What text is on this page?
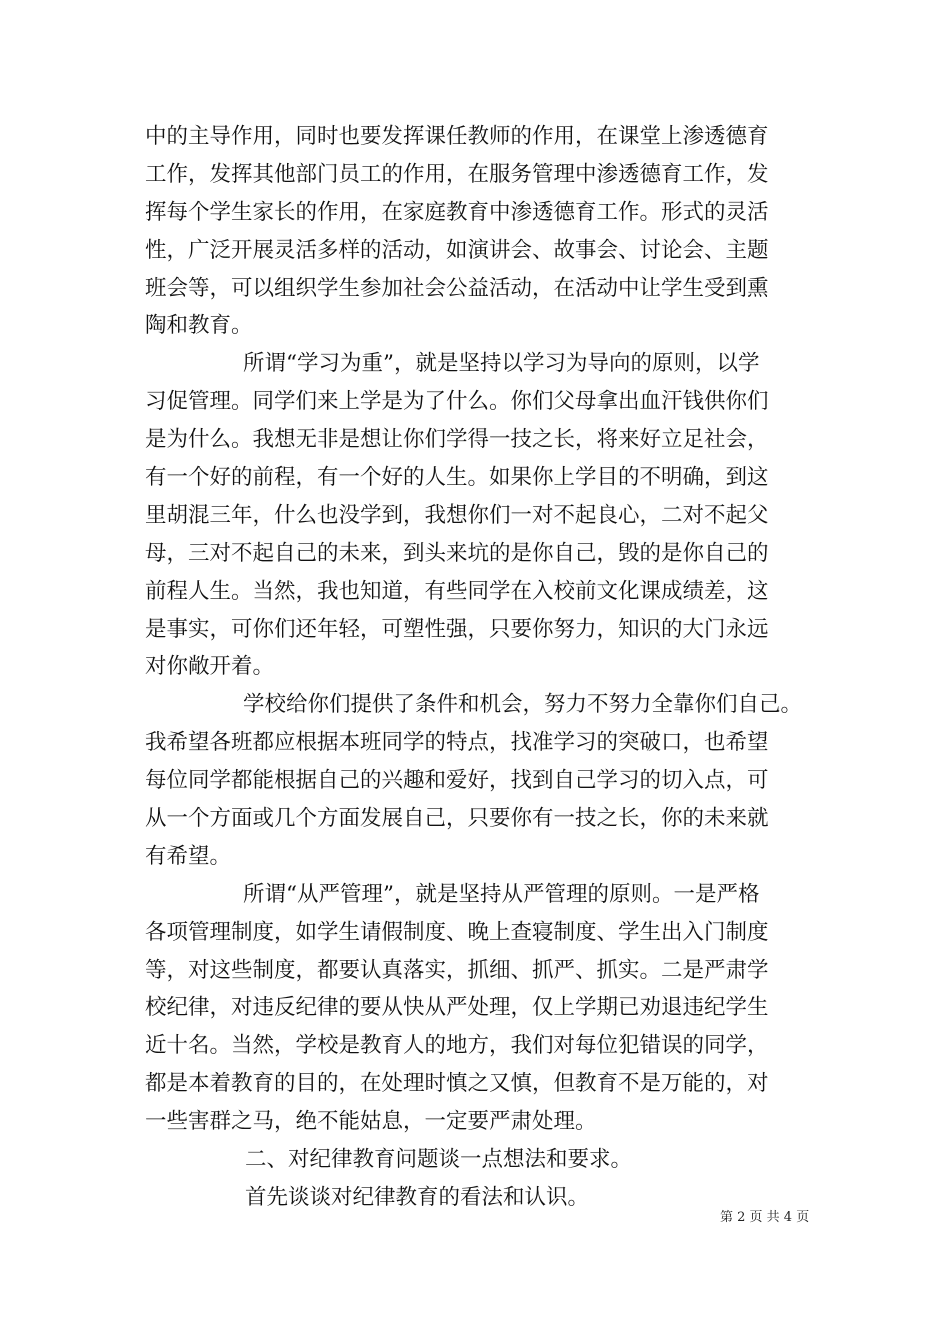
中的主导作用，同时也要发挥课任教师的作用，在课堂上渗透德育
工作，发挥其他部门员工的作用，在服务管理中渗透德育工作，发
挥每个学生家长的作用，在家庭教育中渗透德育工作。形式的灵活
性，广泛开展灵活多样的活动，如演讲会、故事会、讨论会、主题
班会等，可以组织学生参加社会公益活动，在活动中让学生受到熏
陶和教育。
所谓“学习为重”，就是坚持以学习为导向的原则，以学
习促管理。同学们来上学是为了什么。你们父母拿出血汗钱供你们
是为什么。我想无非是想让你们学得一技之长，将来好立足社会，
有一个好的前程，有一个好的人生。如果你上学目的不明确，到这
里胡混三年，什么也没学到，我想你们一对不起良心，二对不起父
母，三对不起自己的未来，到头来坑的是你自己，毁的是你自己的
前程人生。当然，我也知道，有些同学在入校前文化课成绩差，这
是事实，可你们还年轻，可塑性强，只要你努力，知识的大门永远
对你敞开着。
学校给你们提供了条件和机会，努力不努力全靠你们自己。
我希望各班都应根据本班同学的特点，找准学习的突破口，也希望
每位同学都能根据自己的兴趣和爱好，找到自己学习的切入点，可
从一个方面或几个方面发展自己，只要你有一技之长，你的未来就
有希望。
所谓“从严管理”，就是坚持从严管理的原则。一是严格
各项管理制度，如学生请假制度、晚上查寝制度、学生出入门制度
等，对这些制度，都要认真落实，抓细、抓严、抓实。二是严肃学
校纪律，对违反纪律的要从快从严处理，仅上学期已劝退违纪学生
近十名。当然，学校是教育人的地方，我们对每位犯错误的同学，
都是本着教育的目的，在处理时慎之又慎，但教育不是万能的，对
一些害群之马，绝不能姑息，一定要严肃处理。
二、对纪律教育问题谈一点想法和要求。
首先谈谈对纪律教育的看法和认识。
第 2 页 共 4 页
